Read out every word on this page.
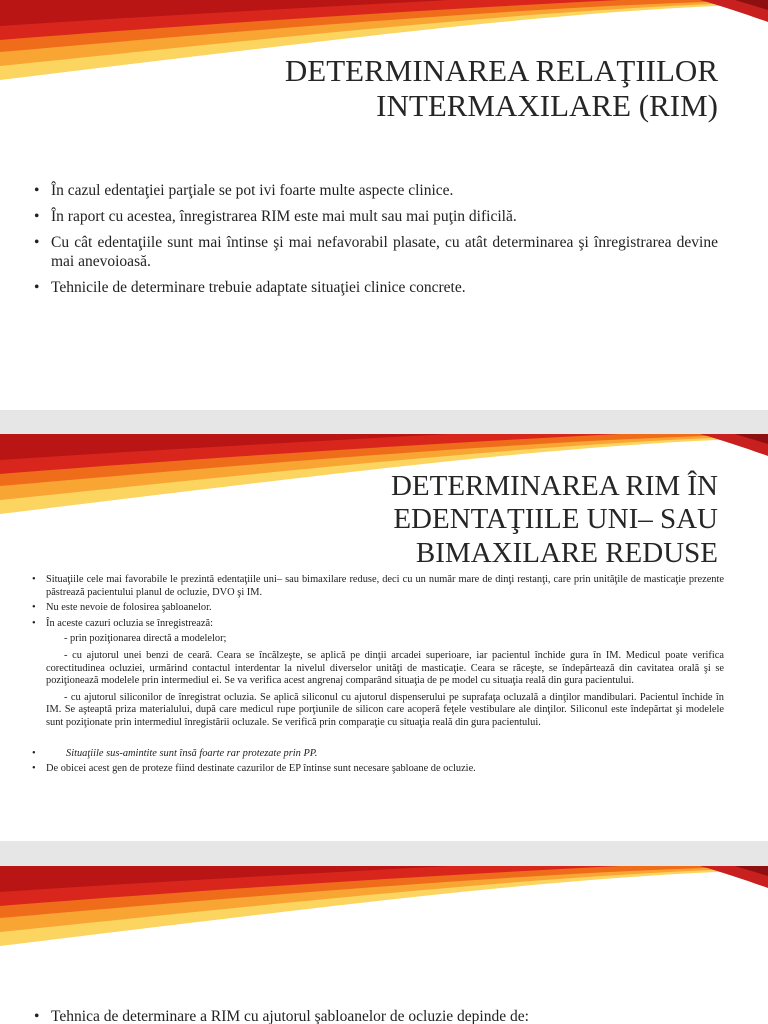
DETERMINAREA RELAŢIILOR
INTERMAXILARE (RIM)
• În cazul edentaţiei parţiale se pot ivi foarte multe aspecte clinice.
• În raport cu acestea, înregistrarea RIM este mai mult sau mai puţin dificilă.
• Cu cât edentaţiile sunt mai întinse şi mai nefavorabil plasate, cu atât determinarea şi înregistrarea devine mai anevoioasă.
• Tehnicile de determinare trebuie adaptate situaţiei clinice concrete.
DETERMINAREA RIM ÎN
EDENTAŢIILE UNI– SAU
BIMAXILARE REDUSE
• Situaţiile cele mai favorabile le prezintă edentaţiile uni– sau bimaxilare reduse, deci cu un număr mare de dinţi restanţi, care prin unităţile de masticaţie prezente păstrează pacientului planul de ocluzie, DVO şi IM.
• Nu este nevoie de folosirea şabloanelor.
• În aceste cazuri ocluzia se înregistrează:
- prin poziţionarea directă a modelelor;
- cu ajutorul unei benzi de ceară. Ceara se încălzeşte, se aplică pe dinţii arcadei superioare, iar pacientul închide gura în IM. Medicul poate verifica corectitudinea ocluziei, urmărind contactul interdentar la nivelul diverselor unităţi de masticaţie. Ceara se răceşte, se îndepărtează din cavitatea orală şi se poziţionează modelele prin intermediul ei. Se va verifica acest angrenaj comparând situaţia de pe model cu situaţia reală din gura pacientului.
- cu ajutorul siliconilor de înregistrat ocluzia. Se aplică siliconul cu ajutorul dispenserului pe suprafaţa ocluzală a dinţilor mandibulari. Pacientul închide în IM. Se aşteaptă priza materialului, după care medicul rupe porţiunile de silicon care acoperă feţele vestibulare ale dinţilor. Siliconul este îndepărtat şi modelele sunt poziţionate prin intermediul înregistării ocluzale. Se verifică prin comparaţie cu situaţia reală din gura pacientului.
• Situaţiile sus-amintite sunt însă foarte rar protezate prin PP.
• De obicei acest gen de proteze fiind destinate cazurilor de EP întinse sunt necesare şabloane de ocluzie.
• Tehnica de determinare a RIM cu ajutorul şabloanelor de ocluzie depinde de:
